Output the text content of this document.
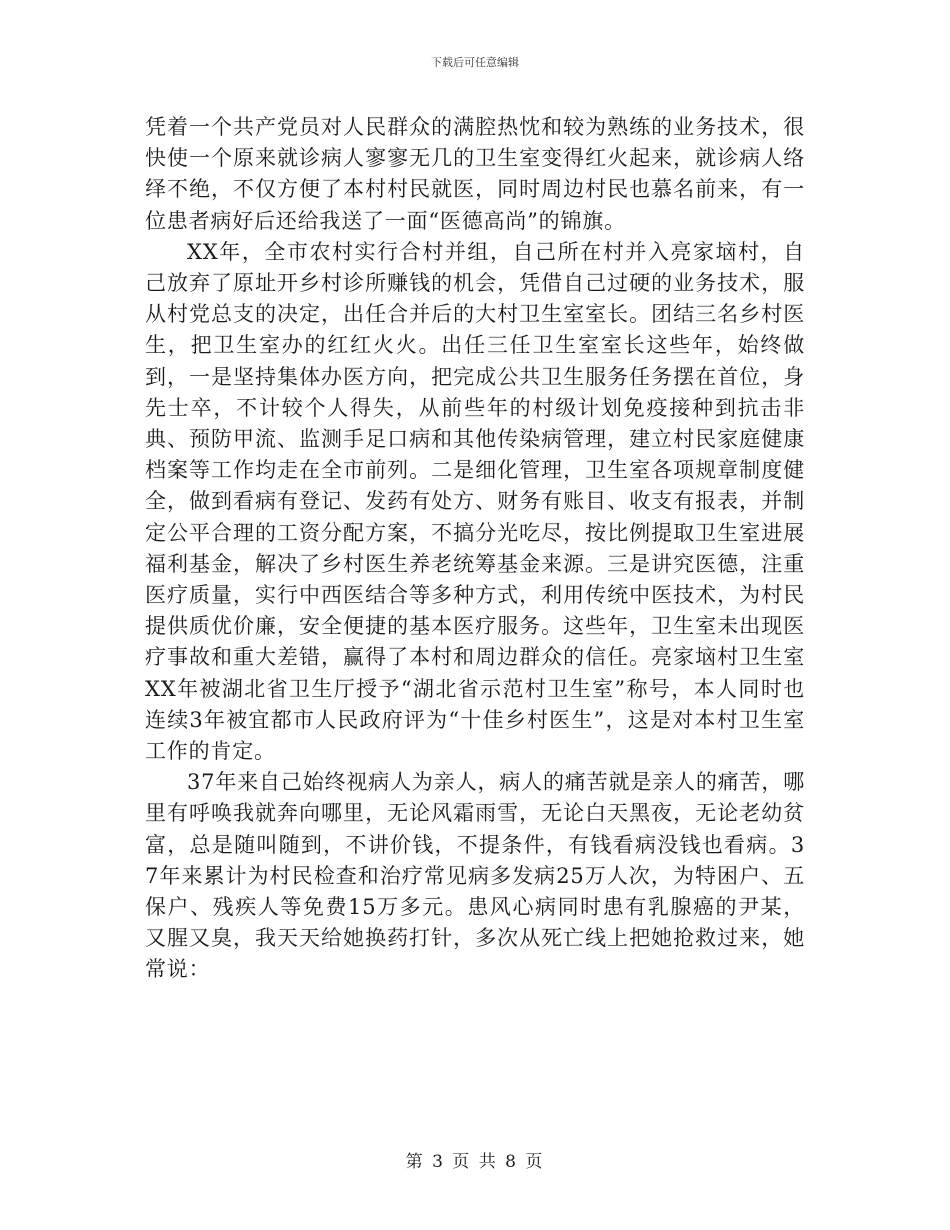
下载后可任意编辑

凭着一个共产党员对人民群众的满腔热忱和较为熟练的业务技术，很快使一个原来就诊病人寥寥无几的卫生室变得红火起来，就诊病人络绎不绝，不仅方便了本村村民就医，同时周边村民也慕名前来，有一位患者病好后还给我送了一面“医德高尚”的锦旗。

XX年，全市农村实行合村并组，自己所在村并入亮家垴村，自己放弃了原址开乡村诊所赚钱的机会，凭借自己过硬的业务技术，服从村党总支的决定，出任合并后的大村卫生室室长。团结三名乡村医生，把卫生室办的红红火火。出任三任卫生室室长这些年，始终做到，一是坚持集体办医方向，把完成公共卫生服务任务摆在首位，身先士卒，不计较个人得失，从前些年的村级计划免疫接种到抗击非典、预防甲流、监测手足口病和其他传染病管理，建立村民家庭健康档案等工作均走在全市前列。二是细化管理，卫生室各项规章制度健全，做到看病有登记、发药有处方、财务有账目、收支有报表，并制定公平合理的工资分配方案，不搞分光吃尽，按比例提取卫生室进展福利基金，解决了乡村医生养老统筹基金来源。三是讲究医德，注重医疗质量，实行中西医结合等多种方式，利用传统中医技术，为村民提供质优价廉，安全便捷的基本医疗服务。这些年，卫生室未出现医疗事故和重大差错，赢得了本村和周边群众的信任。亮家垴村卫生室XX年被湖北省卫生厅授予“湖北省示范村卫生室”称号，本人同时也连续3年被宜都市人民政府评为“十佳乡村医生”，这是对本村卫生室工作的肯定。

37年来自己始终视病人为亲人，病人的痛苦就是亲人的痛苦，哪里有呼唤我就奔向哪里，无论风霜雨雪，无论白天黑夜，无论老幼贫富，总是随叫随到，不讲价钱，不提条件，有钱看病没钱也看病。37年来累计为村民检查和治疗常见病多发病25万人次，为特困户、五保户、残疾人等免费15万多元。患风心病同时患有乳腺癌的尹某，又腥又臭，我天天给她换药打针，多次从死亡线上把她抢救过来，她常说：

第 3 页 共 8 页
